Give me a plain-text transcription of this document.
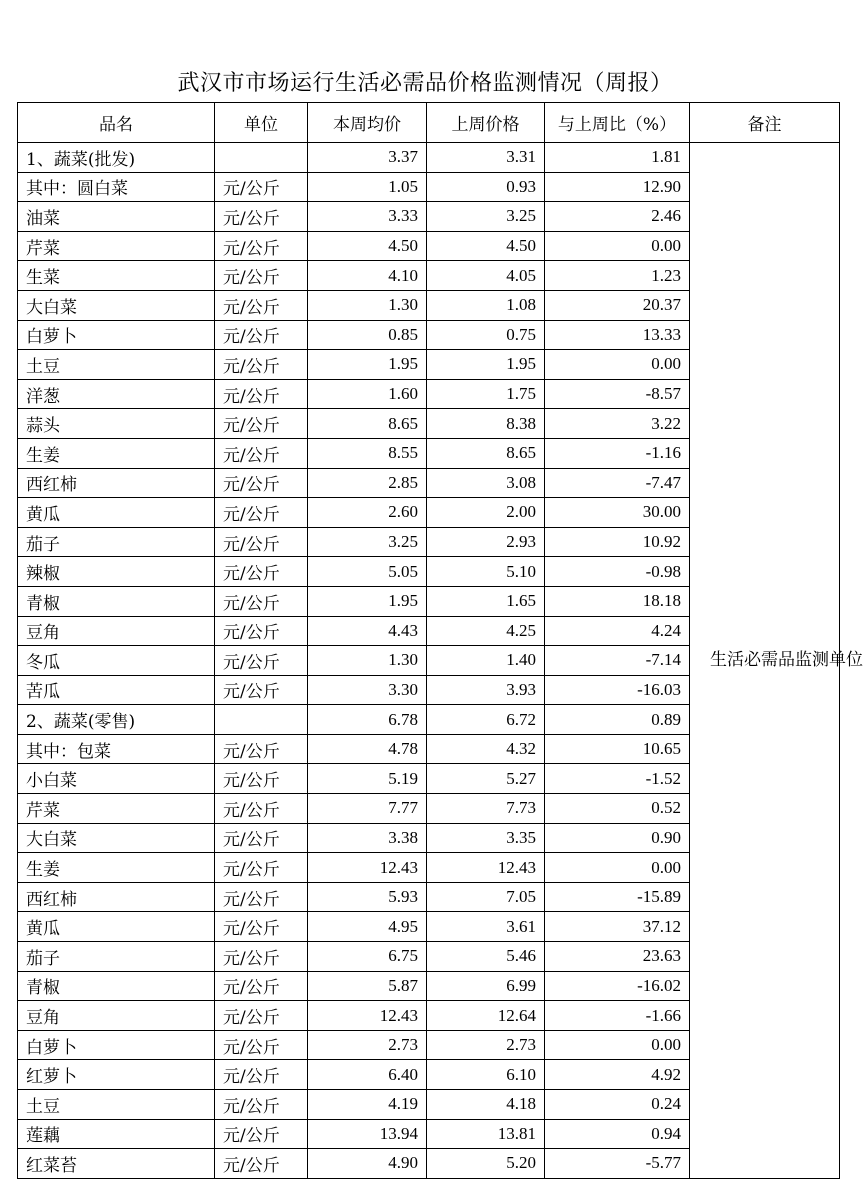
武汉市市场运行生活必需品价格监测情况（周报）
品名	单位	本周均价	上周价格	与上周比（%）	备注
1、蔬菜(批发)		3.37	3.31	1.81	生活必需品监测单位
其中：圆白菜	元/公斤	1.05	0.93	12.90	
油菜	元/公斤	3.33	3.25	2.46	
芹菜	元/公斤	4.50	4.50	0.00	
生菜	元/公斤	4.10	4.05	1.23	
大白菜	元/公斤	1.30	1.08	20.37	
白萝卜	元/公斤	0.85	0.75	13.33	
土豆	元/公斤	1.95	1.95	0.00	
洋葱	元/公斤	1.60	1.75	-8.57	
蒜头	元/公斤	8.65	8.38	3.22	
生姜	元/公斤	8.55	8.65	-1.16	
西红柿	元/公斤	2.85	3.08	-7.47	
黄瓜	元/公斤	2.60	2.00	30.00	
茄子	元/公斤	3.25	2.93	10.92	
辣椒	元/公斤	5.05	5.10	-0.98	
青椒	元/公斤	1.95	1.65	18.18	
豆角	元/公斤	4.43	4.25	4.24	
冬瓜	元/公斤	1.30	1.40	-7.14	
苦瓜	元/公斤	3.30	3.93	-16.03	
2、蔬菜(零售)		6.78	6.72	0.89	
其中：包菜	元/公斤	4.78	4.32	10.65	
小白菜	元/公斤	5.19	5.27	-1.52	
芹菜	元/公斤	7.77	7.73	0.52	
大白菜	元/公斤	3.38	3.35	0.90	
生姜	元/公斤	12.43	12.43	0.00	
西红柿	元/公斤	5.93	7.05	-15.89	
黄瓜	元/公斤	4.95	3.61	37.12	
茄子	元/公斤	6.75	5.46	23.63	
青椒	元/公斤	5.87	6.99	-16.02	
豆角	元/公斤	12.43	12.64	-1.66	
白萝卜	元/公斤	2.73	2.73	0.00	
红萝卜	元/公斤	6.40	6.10	4.92	
土豆	元/公斤	4.19	4.18	0.24	
莲藕	元/公斤	13.94	13.81	0.94	
红菜苔	元/公斤	4.90	5.20	-5.77	
